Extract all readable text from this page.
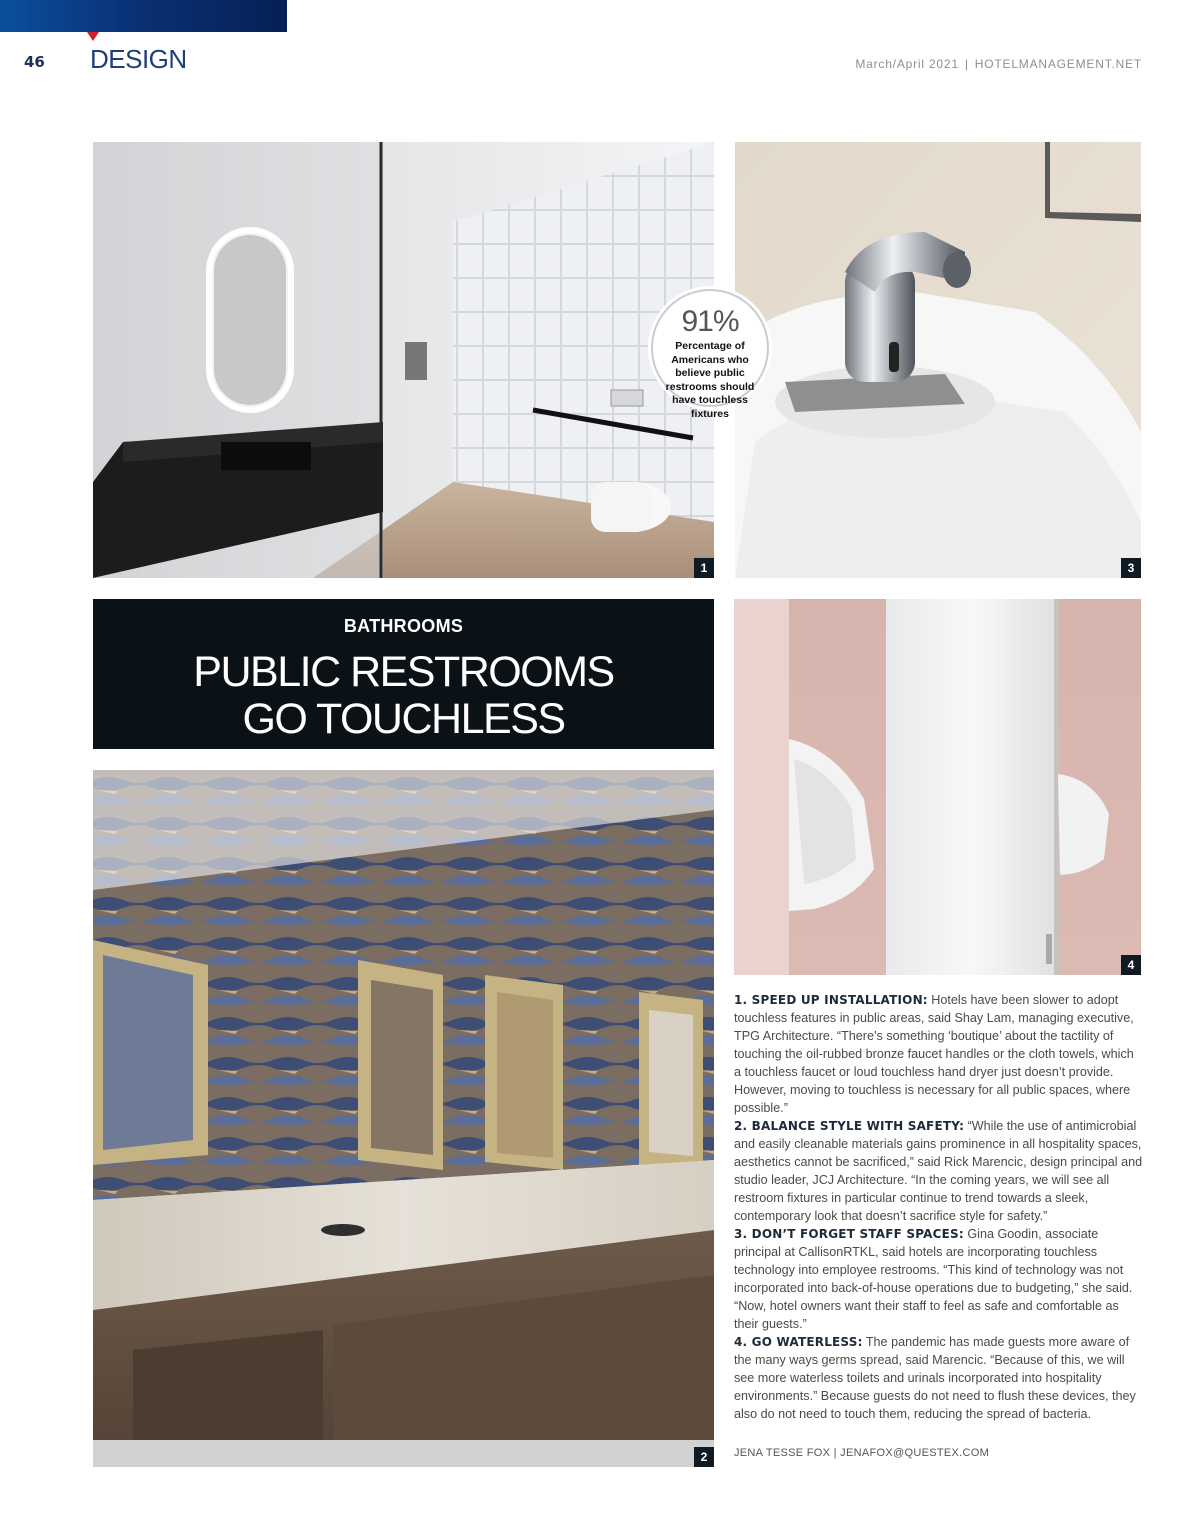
46 DESIGN	March/April 2021 | HOTELMANAGEMENT.NET
1	3
91%
Percentage of Americans who believe public restrooms should have touchless fixtures
BATHROOMS
PUBLIC RESTROOMS
GO TOUCHLESS
4
2

1. SPEED UP INSTALLATION: Hotels have been slower to adopt touchless features in public areas, said Shay Lam, managing executive, TPG Architecture. “There’s something ‘boutique’ about the tactility of touching the oil-rubbed bronze faucet handles or the cloth towels, which a touchless faucet or loud touchless hand dryer just doesn’t provide. However, moving to touchless is necessary for all public spaces, where possible.”

2. BALANCE STYLE WITH SAFETY: “While the use of antimicrobial and easily cleanable materials gains prominence in all hospitality spaces, aesthetics cannot be sacrificed,” said Rick Marencic, design principal and studio leader, JCJ Architecture. “In the coming years, we will see all restroom fixtures in particular continue to trend towards a sleek, contemporary look that doesn’t sacrifice style for safety.”

3. DON’T FORGET STAFF SPACES: Gina Goodin, associate principal at CallisonRTKL, said hotels are incorporating touchless technology into employee restrooms. “This kind of technology was not incorporated into back-of-house operations due to budgeting,” she said. “Now, hotel owners want their staff to feel as safe and comfortable as their guests.”

4. GO WATERLESS: The pandemic has made guests more aware of the many ways germs spread, said Marencic. “Because of this, we will see more waterless toilets and urinals incorporated into hospitality environments.” Because guests do not need to flush these devices, they also do not need to touch them, reducing the spread of bacteria.

JENA TESSE FOX | JENAFOX@QUESTEX.COM
